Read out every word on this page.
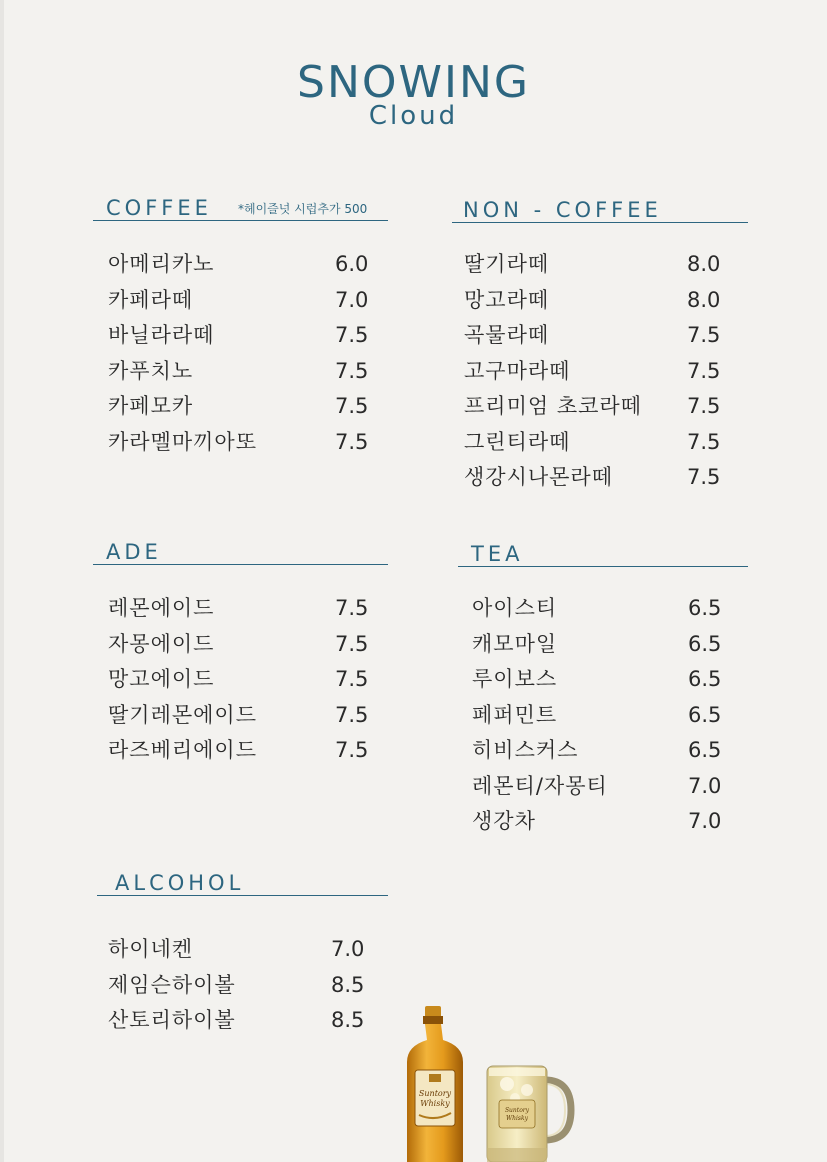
SNOWING
Cloud
COFFEE *헤이즐넛 시럽추가 500
아메리카노	6.0
카페라떼	7.0
바닐라라떼	7.5
카푸치노	7.5
카페모카	7.5
카라멜마끼아또	7.5
NON - COFFEE
딸기라떼	8.0
망고라떼	8.0
곡물라떼	7.5
고구마라떼	7.5
프리미엄 초코라떼 7.5
그린티라떼	7.5
생강시나몬라떼	7.5
ADE
레몬에이드	7.5
자몽에이드	7.5
망고에이드	7.5
딸기레몬에이드	7.5
라즈베리에이드	7.5
TEA
아이스티	6.5
캐모마일	6.5
루이보스	6.5
페퍼민트	6.5
히비스커스	6.5
레몬티/자몽티	7.0
생강차	7.0
ALCOHOL
하이네켄	7.0
제임슨하이볼	8.5
산토리하이볼	8.5
Suntory
Whisky
Suntory
Whisky
